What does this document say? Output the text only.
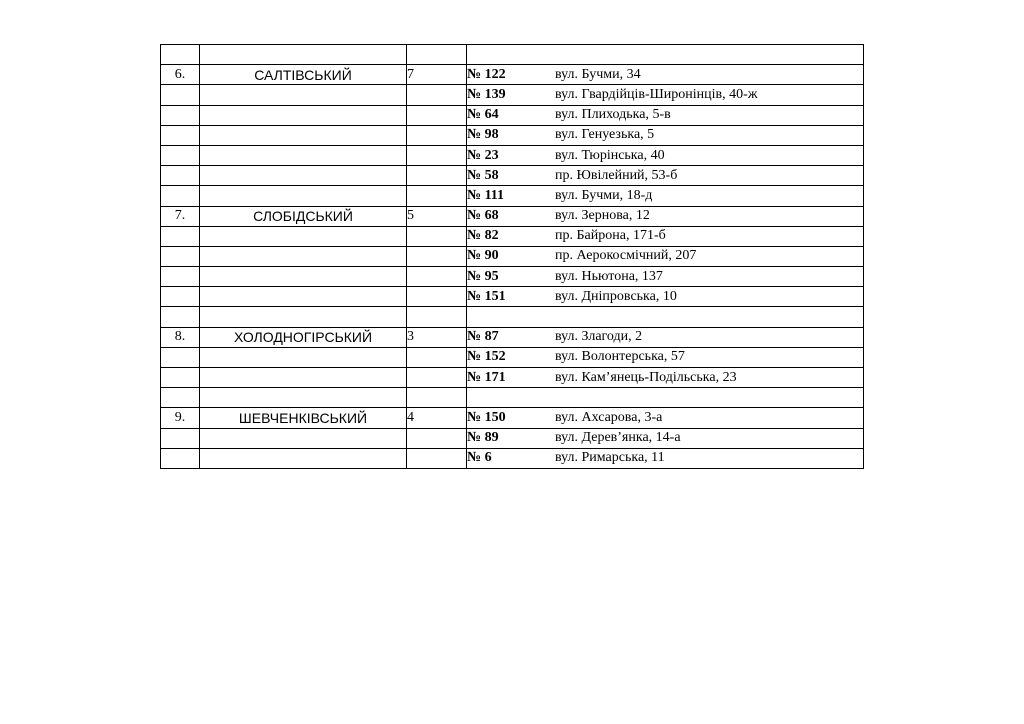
6.	САЛТІВСЬКИЙ	7	№ 122 вул. Бучми, 34
			№ 139 вул. Гвардійців-Широнінців, 40-ж
			№ 64 вул. Плиходька, 5-в
			№ 98 вул. Генуезька, 5
			№ 23 вул. Тюрінська, 40
			№ 58 пр. Ювілейний, 53-б
			№ 111 вул. Бучми, 18-д
7.	СЛОБІДСЬКИЙ	5	№ 68 вул. Зернова, 12
			№ 82 пр. Байрона, 171-б
			№ 90 пр. Аерокосмічний, 207
			№ 95 вул. Ньютона, 137
			№ 151 вул. Дніпровська, 10

8.	ХОЛОДНОГІРСЬКИЙ	3	№ 87 вул. Злагоди, 2
			№ 152 вул. Волонтерська, 57
			№ 171 вул. Кам’янець-Подільська, 23

9.	ШЕВЧЕНКІВСЬКИЙ	4	№ 150 вул. Ахсарова, 3-а
			№ 89 вул. Дерев’янка, 14-а
			№ 6 вул. Римарська, 11
